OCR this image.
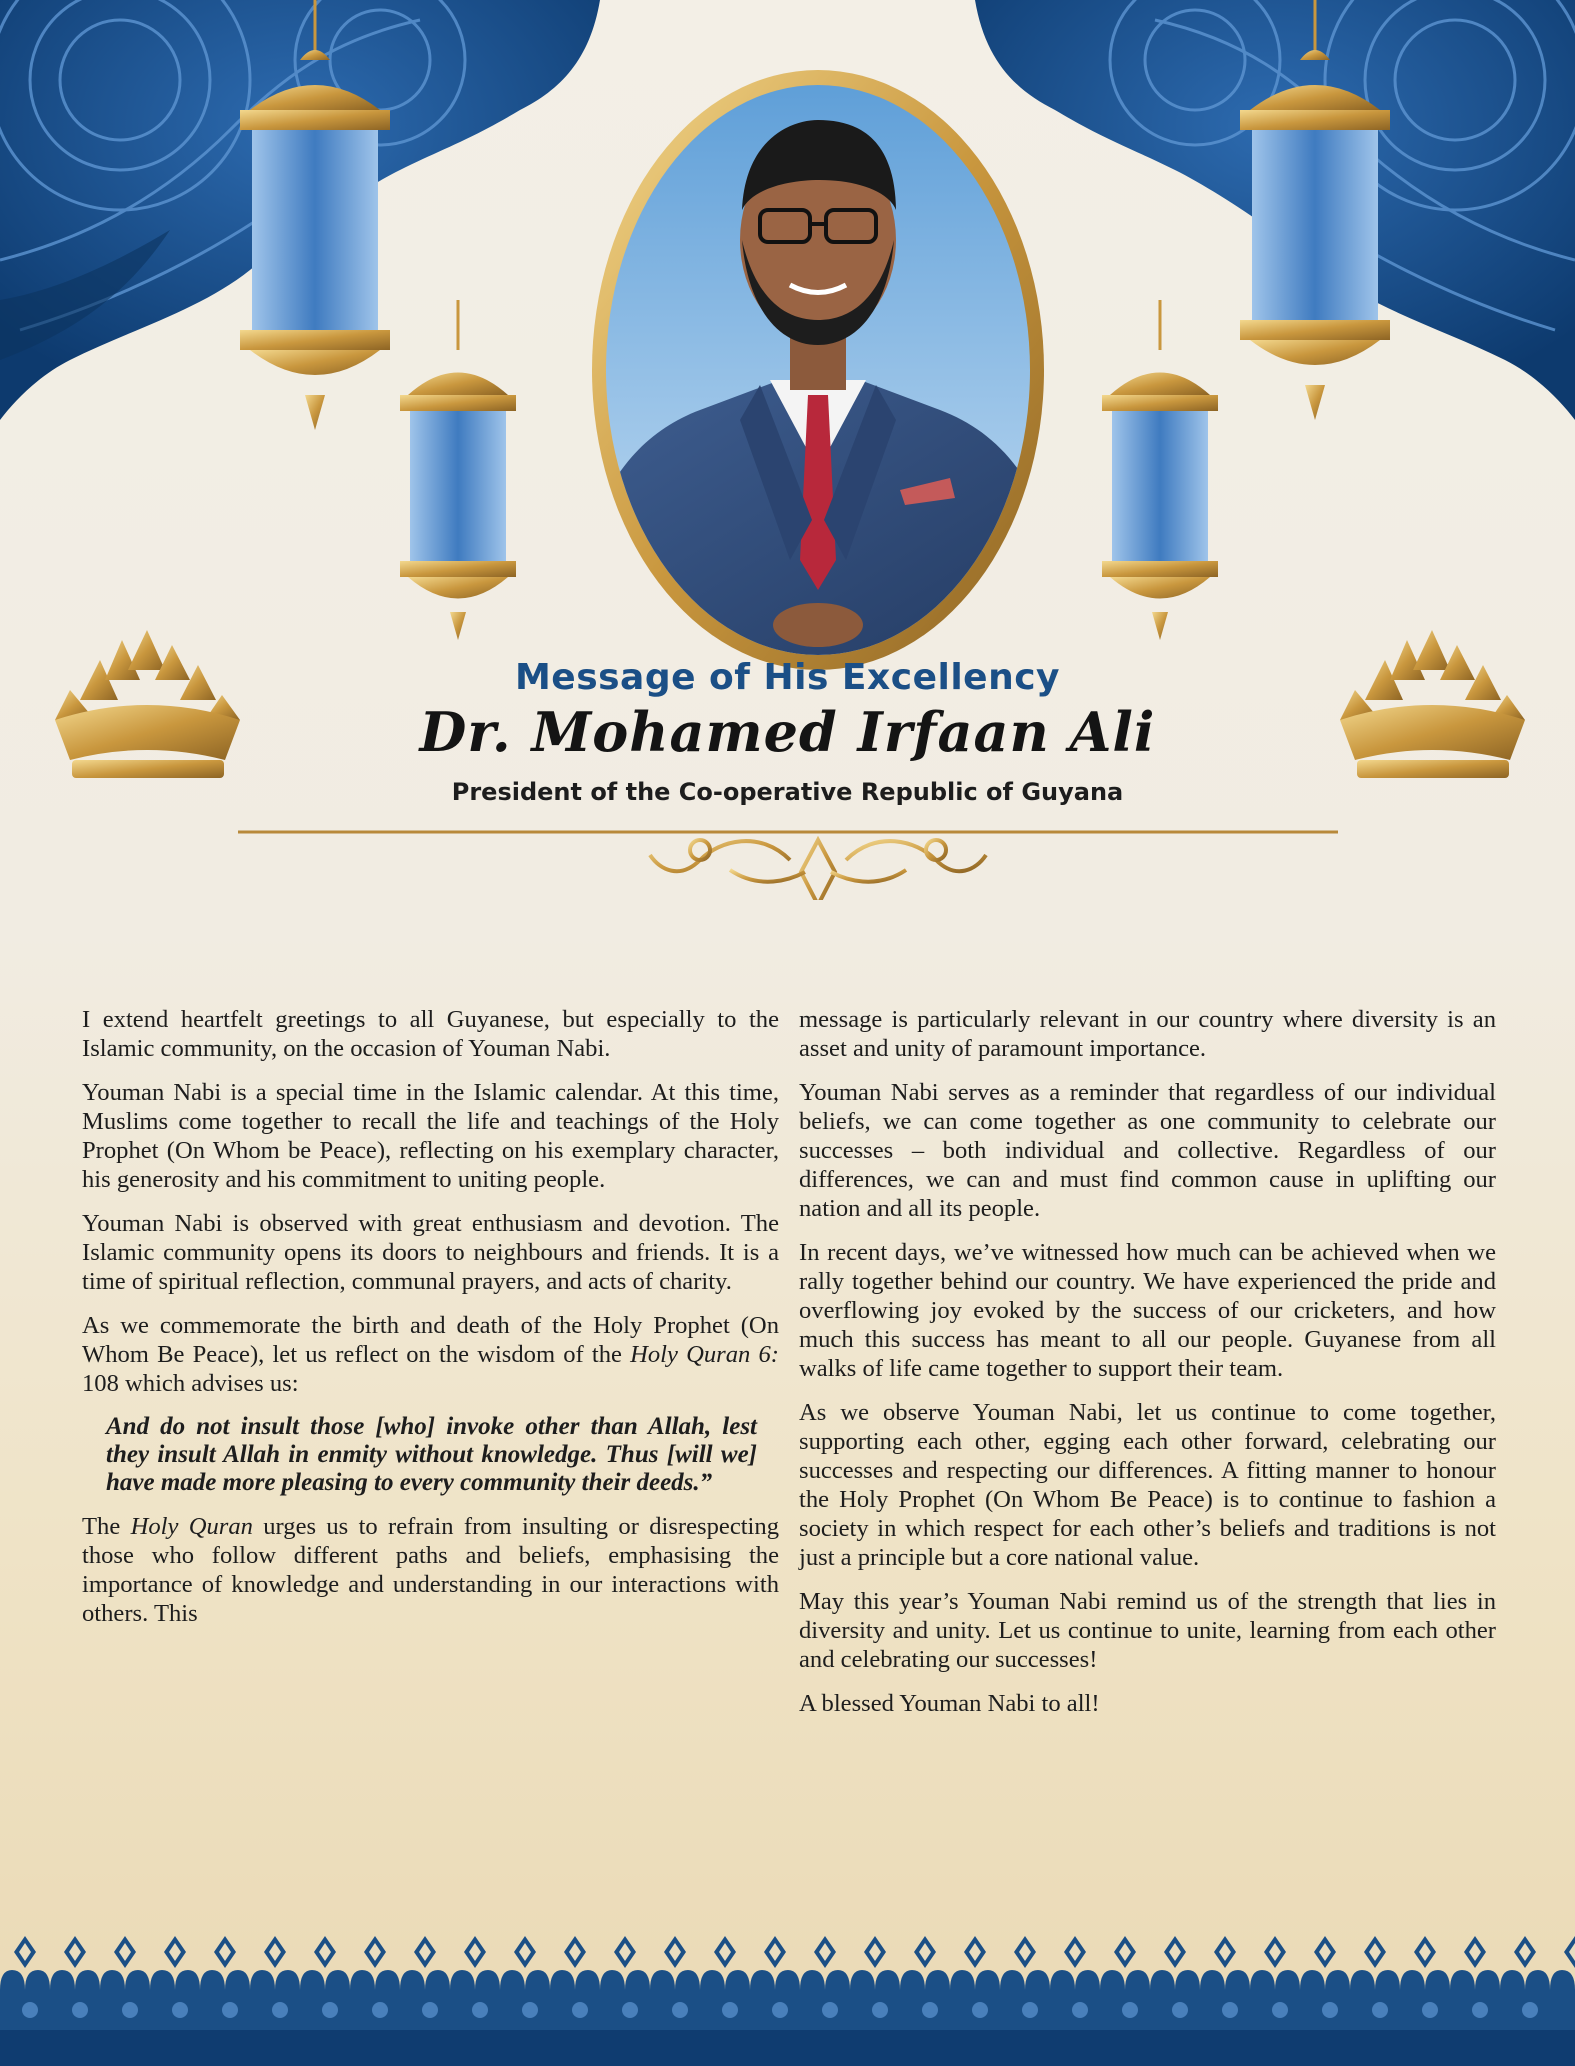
Message of His Excellency
Dr. Mohamed Irfaan Ali
President of the Co-operative Republic of Guyana

I extend heartfelt greetings to all Guyanese, but especially to the Islamic community, on the occasion of Youman Nabi.

Youman Nabi is a special time in the Islamic calendar. At this time, Muslims come together to recall the life and teachings of the Holy Prophet (On Whom be Peace), reflecting on his exemplary character, his generosity and his commitment to uniting people.

Youman Nabi is observed with great enthusiasm and devotion. The Islamic community opens its doors to neighbours and friends. It is a time of spiritual reflection, communal prayers, and acts of charity.

As we commemorate the birth and death of the Holy Prophet (On Whom Be Peace), let us reflect on the wisdom of the Holy Quran 6: 108 which advises us:

And do not insult those [who] invoke other than Allah, lest they insult Allah in enmity without knowledge. Thus [will we] have made more pleasing to every community their deeds.”

The Holy Quran urges us to refrain from insulting or disrespecting those who follow different paths and beliefs, emphasising the importance of knowledge and understanding in our interactions with others. This

message is particularly relevant in our country where diversity is an asset and unity of paramount importance.

Youman Nabi serves as a reminder that regardless of our individual beliefs, we can come together as one community to celebrate our successes – both individual and collective. Regardless of our differences, we can and must find common cause in uplifting our nation and all its people.

In recent days, we’ve witnessed how much can be achieved when we rally together behind our country. We have experienced the pride and overflowing joy evoked by the success of our cricketers, and how much this success has meant to all our people. Guyanese from all walks of life came together to support their team.

As we observe Youman Nabi, let us continue to come together, supporting each other, egging each other forward, celebrating our successes and respecting our differences. A fitting manner to honour the Holy Prophet (On Whom Be Peace) is to continue to fashion a society in which respect for each other’s beliefs and traditions is not just a principle but a core national value.

May this year’s Youman Nabi remind us of the strength that lies in diversity and unity. Let us continue to unite, learning from each other and celebrating our successes!

A blessed Youman Nabi to all!
